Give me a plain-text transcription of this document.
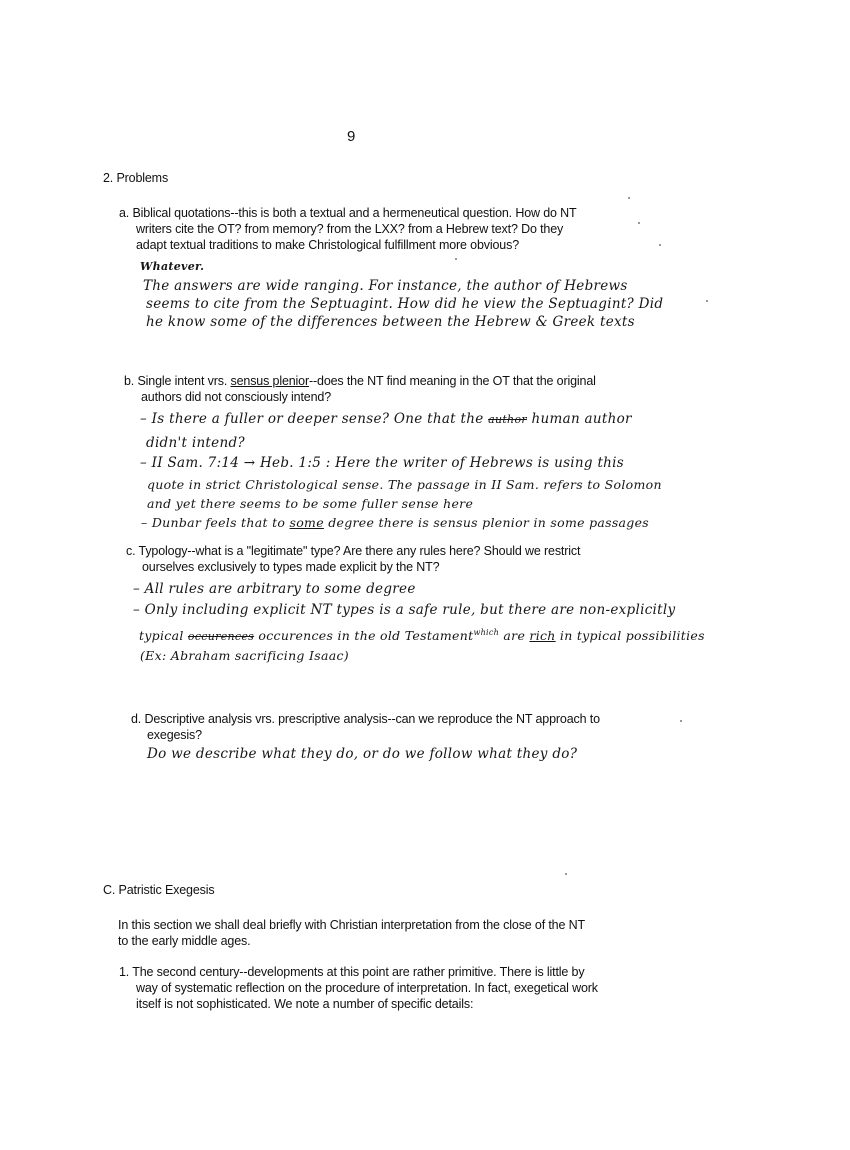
9
2. Problems
a. Biblical quotations--this is both a textual and a hermeneutical question. How do NT
writers cite the OT? from memory? from the LXX? from a Hebrew text? Do they
adapt textual traditions to make Christological fulfillment more obvious?
Whatever.
The answers are wide ranging. For instance, the author of Hebrews
seems to cite from the Septuagint. How did he view the Septuagint? Did
he know some of the differences between the Hebrew & Greek texts
b. Single intent vrs. sensus plenior--does the NT find meaning in the OT that the original
authors did not consciously intend?
– Is there a fuller or deeper sense? One that the author human author
didn't intend?
– II Sam. 7:14 → Heb. 1:5 : Here the writer of Hebrews is using this
quote in strict Christological sense. The passage in II Sam. refers to Solomon
and yet there seems to be some fuller sense here
– Dunbar feels that to some degree there is sensus plenior in some passages
c. Typology--what is a "legitimate" type? Are there any rules here? Should we restrict
ourselves exclusively to types made explicit by the NT?
– All rules are arbitrary to some degree
– Only including explicit NT types is a safe rule, but there are non-explicitly
typical occurences occurences in the old Testament$^{which}$ are rich in typical possibilities
(Ex: Abraham sacrificing Isaac)
d. Descriptive analysis vrs. prescriptive analysis--can we reproduce the NT approach to
exegesis?
Do we describe what they do, or do we follow what they do?
C. Patristic Exegesis
In this section we shall deal briefly with Christian interpretation from the close of the NT
to the early middle ages.
1. The second century--developments at this point are rather primitive. There is little by
way of systematic reflection on the procedure of interpretation. In fact, exegetical work
itself is not sophisticated. We note a number of specific details:
